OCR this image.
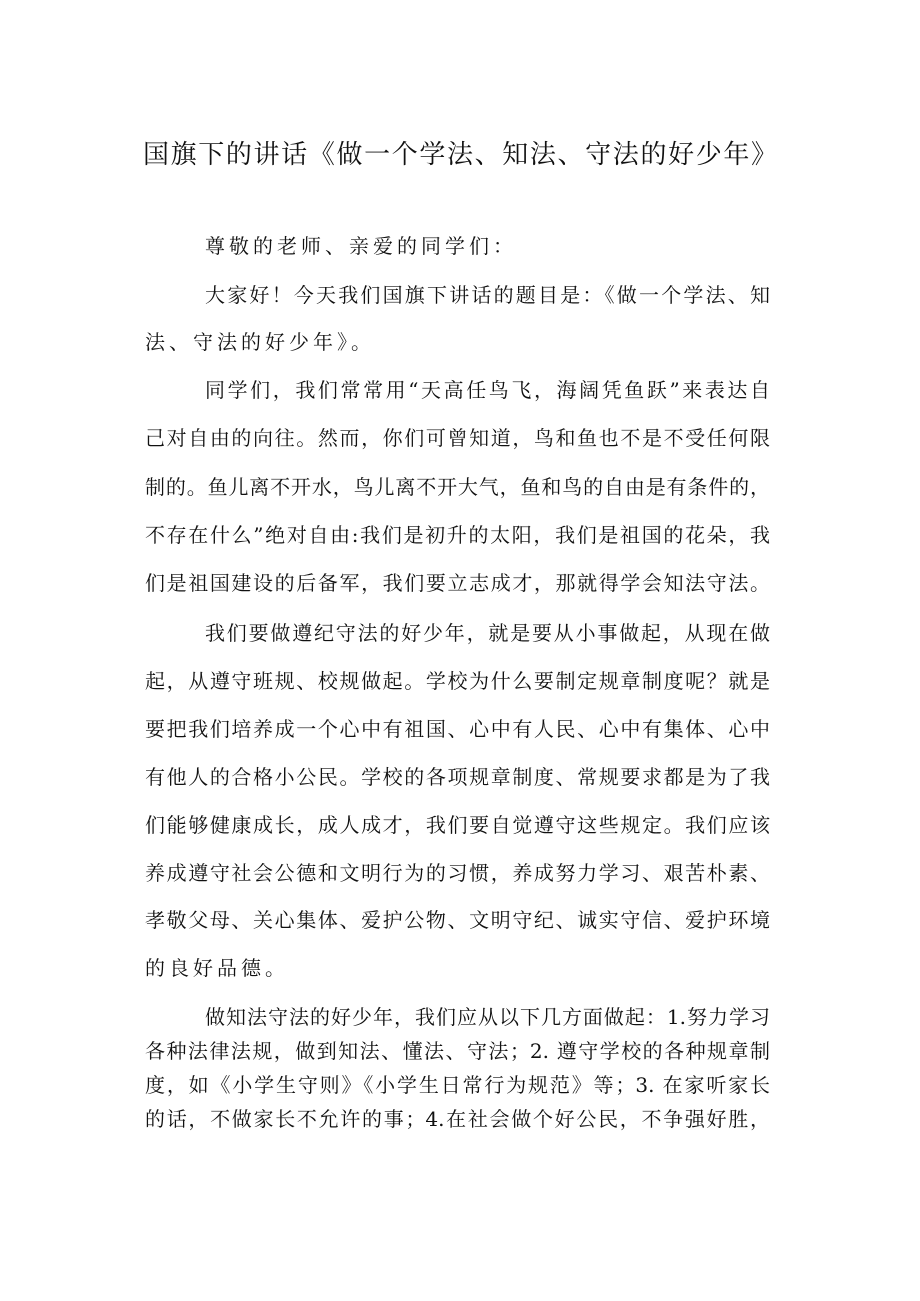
国旗下的讲话《做一个学法、知法、守法的好少年》
尊敬的老师、亲爱的同学们：
大家好！今天我们国旗下讲话的题目是：《做一个学法、知
法、守法的好少年》。
同学们，我们常常用“天高任鸟飞，海阔凭鱼跃”来表达自
己对自由的向往。然而，你们可曾知道，鸟和鱼也不是不受任何限
制的。鱼儿离不开水，鸟儿离不开大气，鱼和鸟的自由是有条件的，
不存在什么”绝对自由:我们是初升的太阳，我们是祖国的花朵，我
们是祖国建设的后备军，我们要立志成才，那就得学会知法守法。
我们要做遵纪守法的好少年，就是要从小事做起，从现在做
起，从遵守班规、校规做起。学校为什么要制定规章制度呢？就是
要把我们培养成一个心中有祖国、心中有人民、心中有集体、心中
有他人的合格小公民。学校的各项规章制度、常规要求都是为了我
们能够健康成长，成人成才，我们要自觉遵守这些规定。我们应该
养成遵守社会公德和文明行为的习惯，养成努力学习、艰苦朴素、
孝敬父母、关心集体、爱护公物、文明守纪、诚实守信、爱护环境
的良好品德。
做知法守法的好少年，我们应从以下几方面做起：1.努力学习
各种法律法规，做到知法、懂法、守法；2. 遵守学校的各种规章制
度，如《小学生守则》《小学生日常行为规范》等；3. 在家听家长
的话，不做家长不允许的事；4.在社会做个好公民，不争强好胜，
